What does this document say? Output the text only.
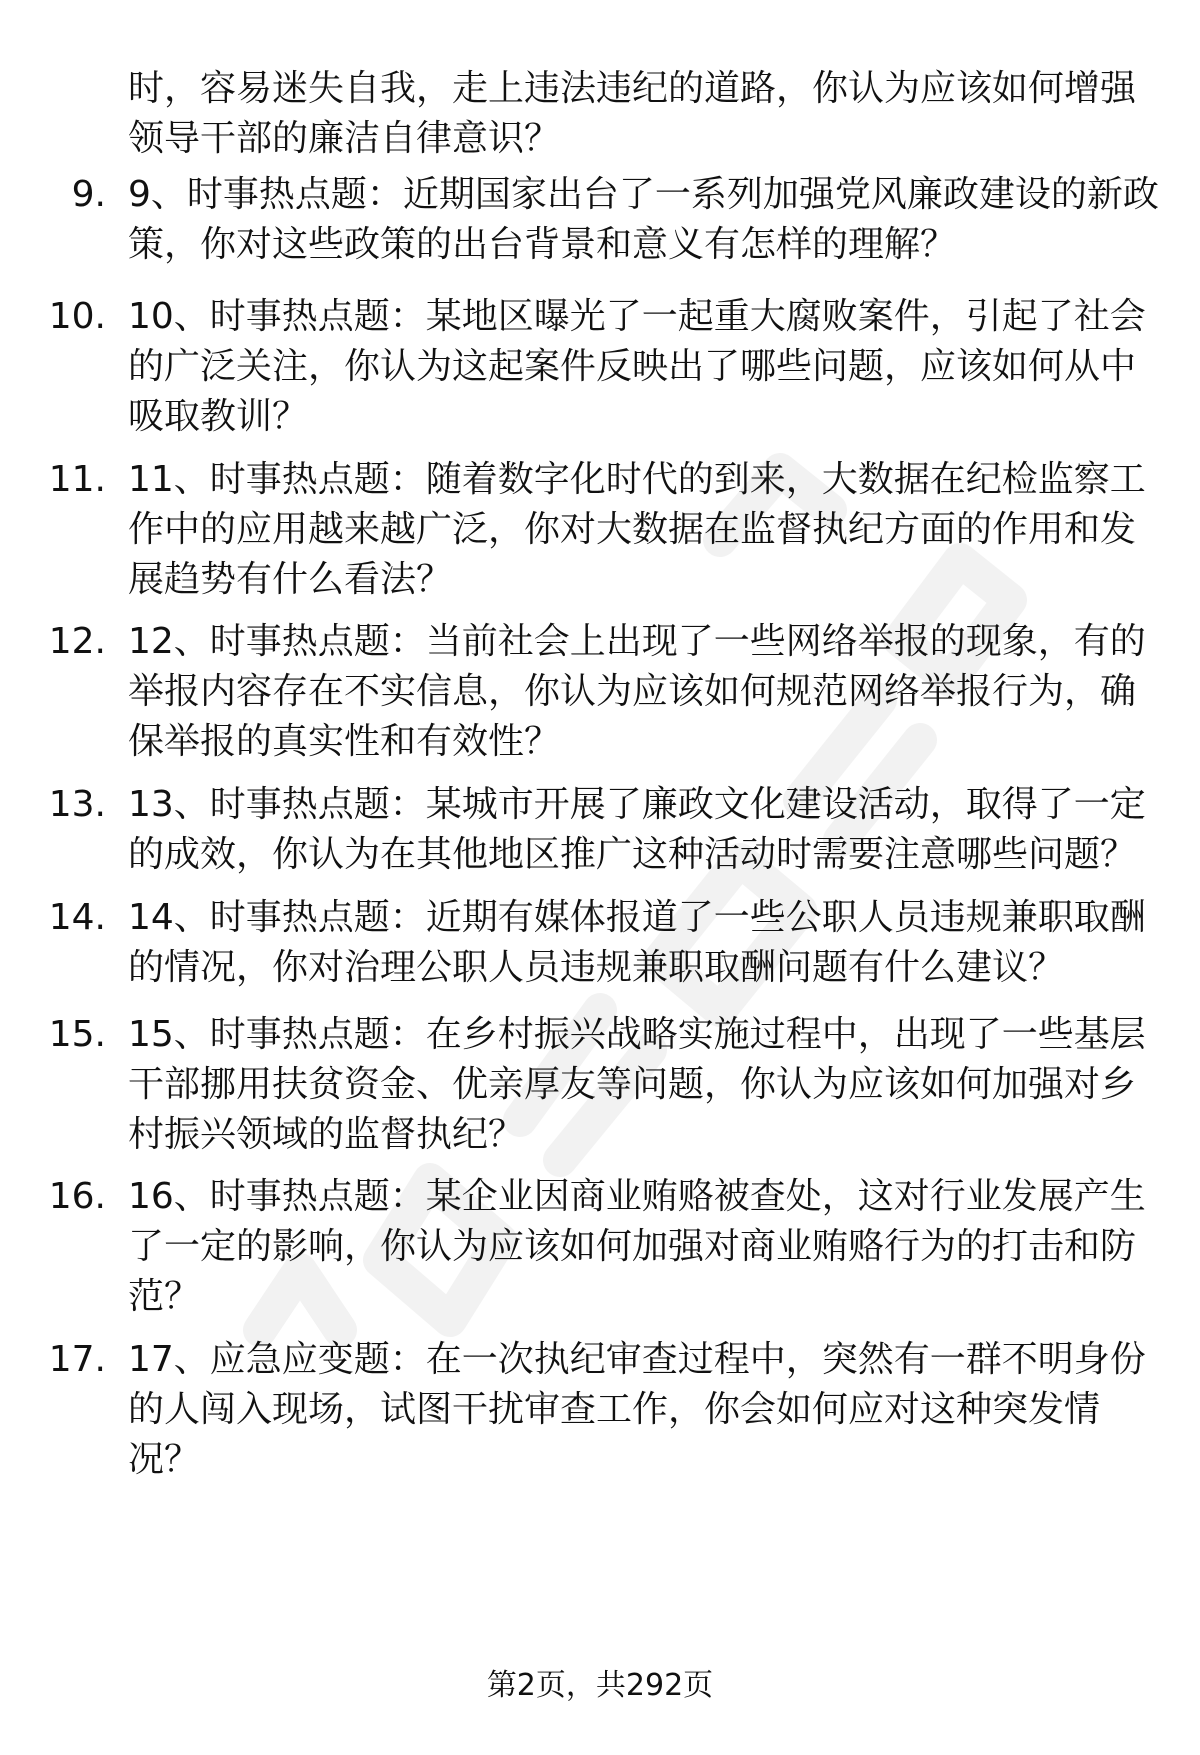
时，容易迷失自我，走上违法违纪的道路，你认为应该如何增强
领导干部的廉洁自律意识？
9. 9、时事热点题：近期国家出台了一系列加强党风廉政建设的新政
策，你对这些政策的出台背景和意义有怎样的理解？
10. 10、时事热点题：某地区曝光了一起重大腐败案件，引起了社会
的广泛关注，你认为这起案件反映出了哪些问题，应该如何从中
吸取教训？
11. 11、时事热点题：随着数字化时代的到来，大数据在纪检监察工
作中的应用越来越广泛，你对大数据在监督执纪方面的作用和发
展趋势有什么看法？
12. 12、时事热点题：当前社会上出现了一些网络举报的现象，有的
举报内容存在不实信息，你认为应该如何规范网络举报行为，确
保举报的真实性和有效性？
13. 13、时事热点题：某城市开展了廉政文化建设活动，取得了一定
的成效，你认为在其他地区推广这种活动时需要注意哪些问题？
14. 14、时事热点题：近期有媒体报道了一些公职人员违规兼职取酬
的情况，你对治理公职人员违规兼职取酬问题有什么建议？
15. 15、时事热点题：在乡村振兴战略实施过程中，出现了一些基层
干部挪用扶贫资金、优亲厚友等问题，你认为应该如何加强对乡
村振兴领域的监督执纪？
16. 16、时事热点题：某企业因商业贿赂被查处，这对行业发展产生
了一定的影响，你认为应该如何加强对商业贿赂行为的打击和防
范？
17. 17、应急应变题：在一次执纪审查过程中，突然有一群不明身份
的人闯入现场，试图干扰审查工作，你会如何应对这种突发情
况？
第2页，共292页
